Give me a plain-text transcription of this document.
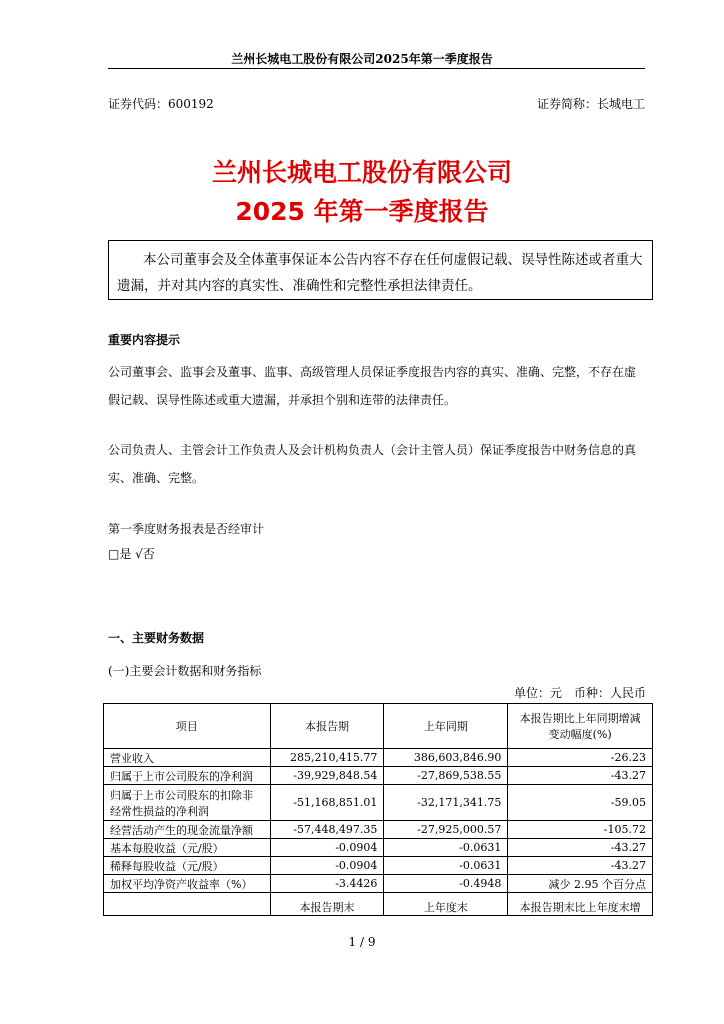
兰州长城电工股份有限公司2025年第一季度报告
证券代码：600192	证券简称：长城电工
兰州长城电工股份有限公司
2025 年第一季度报告
本公司董事会及全体董事保证本公告内容不存在任何虚假记载、误导性陈述或者重大遗漏，并对其内容的真实性、准确性和完整性承担法律责任。
重要内容提示
公司董事会、监事会及董事、监事、高级管理人员保证季度报告内容的真实、准确、完整，不存在虚假记载、误导性陈述或重大遗漏，并承担个别和连带的法律责任。
公司负责人、主管会计工作负责人及会计机构负责人（会计主管人员）保证季度报告中财务信息的真实、准确、完整。
第一季度财务报表是否经审计
□是 √否
一、主要财务数据
(一)主要会计数据和财务指标
单位：元　币种：人民币
项目	本报告期	上年同期	本报告期比上年同期增减变动幅度(%)
营业收入	285,210,415.77	386,603,846.90	-26.23
归属于上市公司股东的净利润	-39,929,848.54	-27,869,538.55	-43.27
归属于上市公司股东的扣除非经常性损益的净利润	-51,168,851.01	-32,171,341.75	-59.05
经营活动产生的现金流量净额	-57,448,497.35	-27,925,000.57	-105.72
基本每股收益（元/股）	-0.0904	-0.0631	-43.27
稀释每股收益（元/股）	-0.0904	-0.0631	-43.27
加权平均净资产收益率（%）	-3.4426	-0.4948	减少 2.95 个百分点
	本报告期末	上年度末	本报告期末比上年度末增
1 / 9
